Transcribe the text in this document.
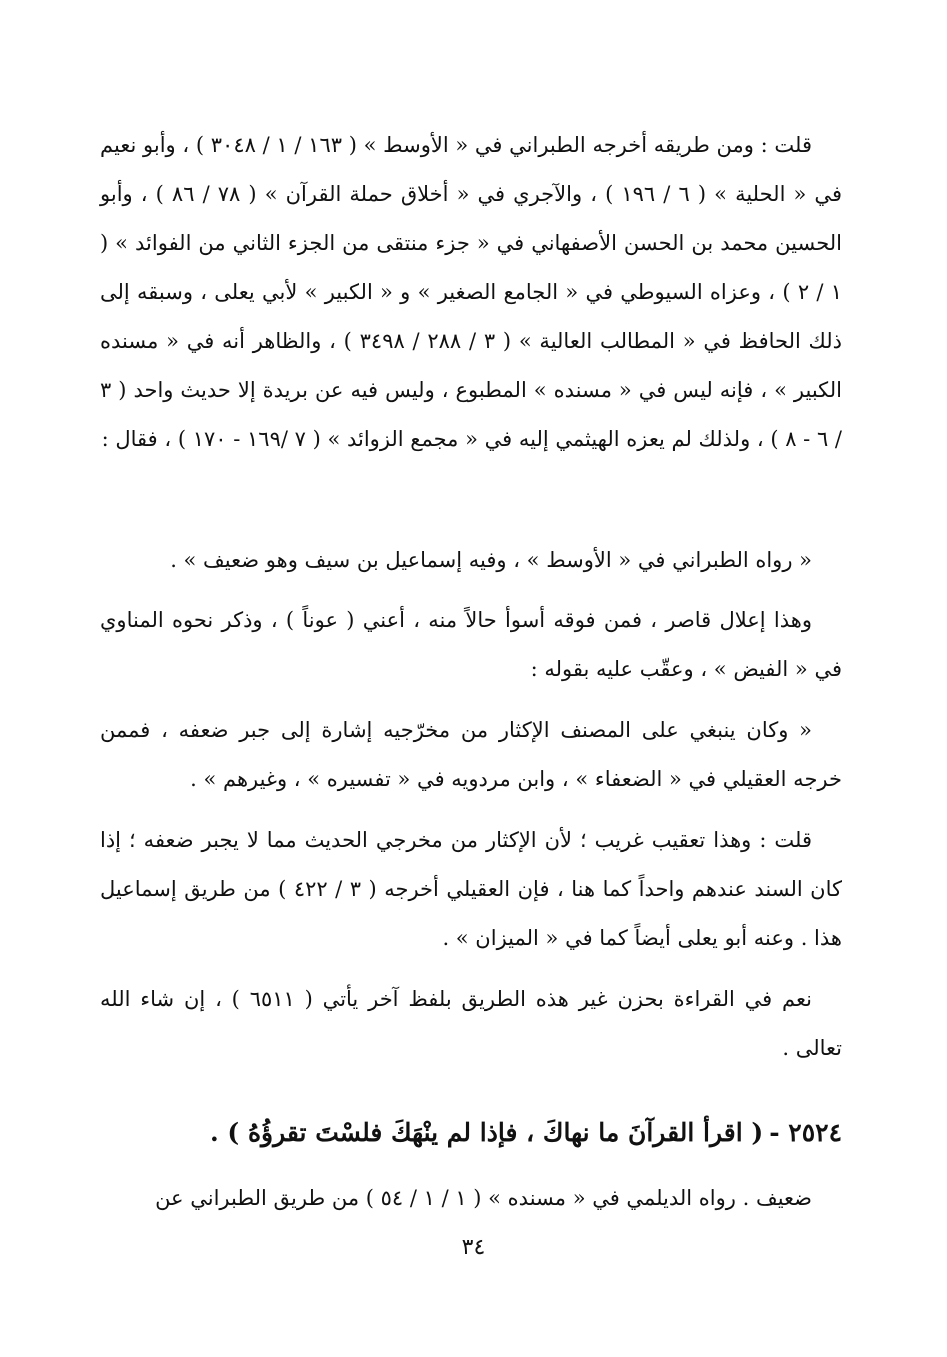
قلت : ومن طريقه أخرجه الطبراني في « الأوسط » ( ١٦٣ / ١ / ٣٠٤٨ ) ، وأبو نعيم في « الحلية » ( ٦ / ١٩٦ ) ، والآجري في « أخلاق حملة القرآن » ( ٧٨ / ٨٦ ) ، وأبو الحسين محمد بن الحسن الأصفهاني في « جزء منتقى من الجزء الثاني من الفوائد » ( ١ / ٢ ) ، وعزاه السيوطي في « الجامع الصغير » و « الكبير » لأبي يعلى ، وسبقه إلى ذلك الحافظ في « المطالب العالية » ( ٣ / ٢٨٨ / ٣٤٩٨ ) ، والظاهر أنه في « مسنده الكبير » ، فإنه ليس في « مسنده » المطبوع ، وليس فيه عن بريدة إلا حديث واحد ( ٣ / ٦ - ٨ ) ، ولذلك لم يعزه الهيثمي إليه في « مجمع الزوائد » ( ٧ /١٦٩ - ١٧٠ ) ، فقال :

« رواه الطبراني في « الأوسط » ، وفيه إسماعيل بن سيف وهو ضعيف » .

وهذا إعلال قاصر ، فمن فوقه أسوأ حالاً منه ، أعني ( عوناً ) ، وذكر نحوه المناوي في « الفيض » ، وعقّب عليه بقوله :

« وكان ينبغي على المصنف الإكثار من مخرّجيه إشارة إلى جبر ضعفه ، فممن خرجه العقيلي في « الضعفاء » ، وابن مردويه في « تفسيره » ، وغيرهم » .

قلت : وهذا تعقيب غريب ؛ لأن الإكثار من مخرجي الحديث مما لا يجبر ضعفه ؛ إذا كان السند عندهم واحداً كما هنا ، فإن العقيلي أخرجه ( ٣ / ٤٢٢ ) من طريق إسماعيل هذا . وعنه أبو يعلى أيضاً كما في « الميزان » .

نعم في القراءة بحزن غير هذه الطريق بلفظ آخر يأتي ( ٦٥١١ ) ، إن شاء الله تعالى .

٢٥٢٤ -( اقرأ القرآنَ ما نهاكَ ، فإذا لم ينْهَكَ فلسْتَ تقرؤُهُ ) .

ضعيف . رواه الديلمي في « مسنده » ( ١ / ١ / ٥٤ ) من طريق الطبراني عن

٣٤
